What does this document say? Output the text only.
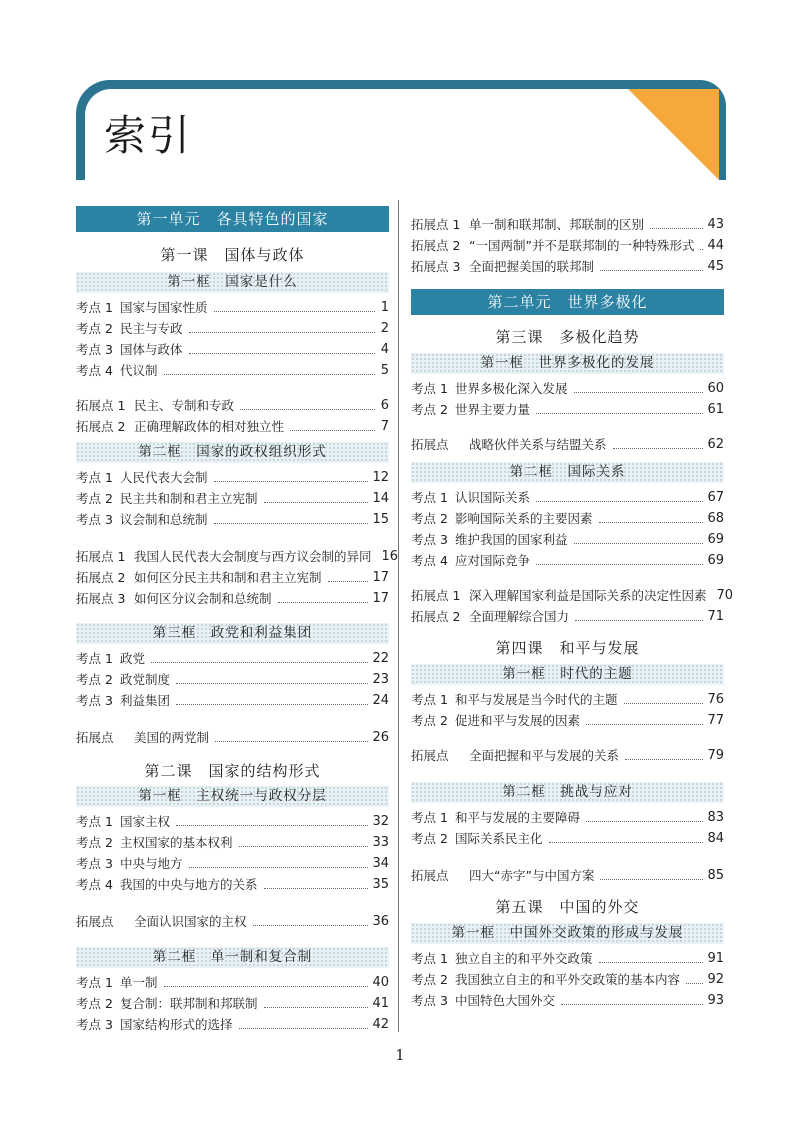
索引
第一单元　各具特色的国家
第一课　国体与政体
第一框　国家是什么
考点 1 国家与国家性质	1
考点 2 民主与专政	2
考点 3 国体与政体	4
考点 4 代议制	5
拓展点 1 民主、专制和专政	6
拓展点 2 正确理解政体的相对独立性	7
第二框　国家的政权组织形式
考点 1 人民代表大会制	12
考点 2 民主共和制和君主立宪制	14
考点 3 议会制和总统制	15
拓展点 1 我国人民代表大会制度与西方议会制的异同 16
拓展点 2 如何区分民主共和制和君主立宪制	17
拓展点 3 如何区分议会制和总统制	17
第三框　政党和利益集团
考点 1 政党	22
考点 2 政党制度	23
考点 3 利益集团	24
拓展点	美国的两党制	26
第二课　国家的结构形式
第一框　主权统一与政权分层
考点 1 国家主权	32
考点 2 主权国家的基本权利	33
考点 3 中央与地方	34
考点 4 我国的中央与地方的关系	35
拓展点	全面认识国家的主权	36
第二框　单一制和复合制
考点 1 单一制	40
考点 2 复合制：联邦制和邦联制	41
考点 3 国家结构形式的选择	42
拓展点 1 单一制和联邦制、邦联制的区别	43
拓展点 2 “一国两制”并不是联邦制的一种特殊形式 44
拓展点 3 全面把握美国的联邦制	45
第二单元　世界多极化
第三课　多极化趋势
第一框　世界多极化的发展
考点 1 世界多极化深入发展	60
考点 2 世界主要力量	61
拓展点	战略伙伴关系与结盟关系	62
第二框　国际关系
考点 1 认识国际关系	67
考点 2 影响国际关系的主要因素	68
考点 3 维护我国的国家利益	69
考点 4 应对国际竞争	69
拓展点 1 深入理解国家利益是国际关系的决定性因素 70
拓展点 2 全面理解综合国力	71
第四课　和平与发展
第一框　时代的主题
考点 1 和平与发展是当今时代的主题	76
考点 2 促进和平与发展的因素	77
拓展点	全面把握和平与发展的关系	79
第二框　挑战与应对
考点 1 和平与发展的主要障碍	83
考点 2 国际关系民主化	84
拓展点	四大“赤字”与中国方案	85
第五课　中国的外交
第一框　中国外交政策的形成与发展
考点 1 独立自主的和平外交政策	91
考点 2 我国独立自主的和平外交政策的基本内容 92
考点 3 中国特色大国外交	93
1
